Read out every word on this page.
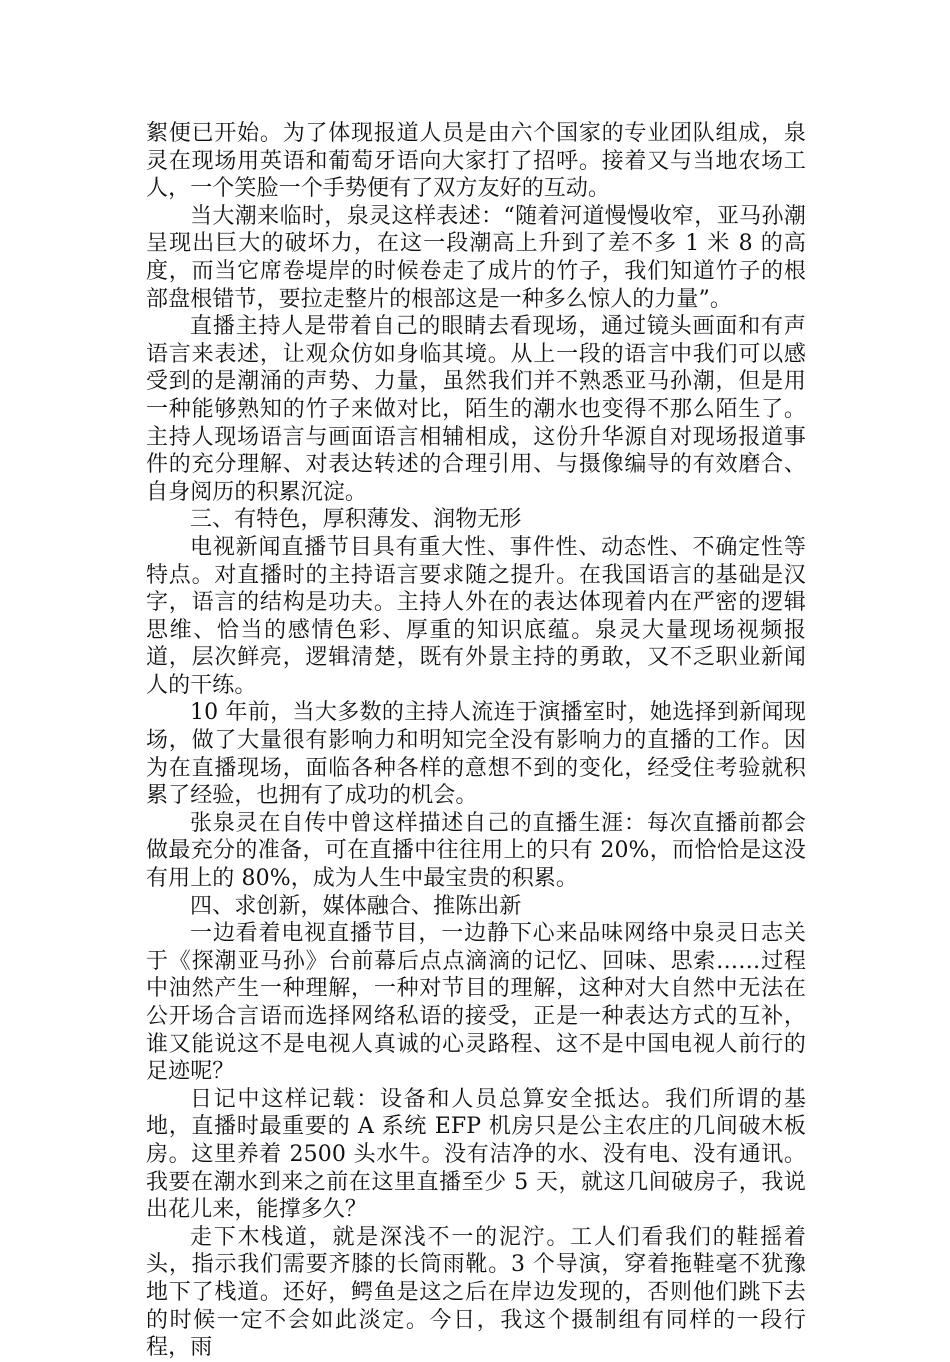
絮便已开始。为了体现报道人员是由六个国家的专业团队组成，泉灵在现场用英语和葡萄牙语向大家打了招呼。接着又与当地农场工人，一个笑脸一个手势便有了双方友好的互动。

当大潮来临时，泉灵这样表述：“随着河道慢慢收窄，亚马孙潮呈现出巨大的破坏力，在这一段潮高上升到了差不多 1 米 8 的高度，而当它席卷堤岸的时候卷走了成片的竹子，我们知道竹子的根部盘根错节，要拉走整片的根部这是一种多么惊人的力量”。

直播主持人是带着自己的眼睛去看现场，通过镜头画面和有声语言来表述，让观众仿如身临其境。从上一段的语言中我们可以感受到的是潮涌的声势、力量，虽然我们并不熟悉亚马孙潮，但是用一种能够熟知的竹子来做对比，陌生的潮水也变得不那么陌生了。主持人现场语言与画面语言相辅相成，这份升华源自对现场报道事件的充分理解、对表达转述的合理引用、与摄像编导的有效磨合、自身阅历的积累沉淀。

三、有特色，厚积薄发、润物无形

电视新闻直播节目具有重大性、事件性、动态性、不确定性等特点。对直播时的主持语言要求随之提升。在我国语言的基础是汉字，语言的结构是功夫。主持人外在的表达体现着内在严密的逻辑思维、恰当的感情色彩、厚重的知识底蕴。泉灵大量现场视频报道，层次鲜亮，逻辑清楚，既有外景主持的勇敢，又不乏职业新闻人的干练。

10 年前，当大多数的主持人流连于演播室时，她选择到新闻现场，做了大量很有影响力和明知完全没有影响力的直播的工作。因为在直播现场，面临各种各样的意想不到的变化，经受住考验就积累了经验，也拥有了成功的机会。

张泉灵在自传中曾这样描述自己的直播生涯：每次直播前都会做最充分的准备，可在直播中往往用上的只有 20%，而恰恰是这没有用上的 80%，成为人生中最宝贵的积累。

四、求创新，媒体融合、推陈出新

一边看着电视直播节目，一边静下心来品味网络中泉灵日志关于《探潮亚马孙》台前幕后点点滴滴的记忆、回味、思索……过程中油然产生一种理解，一种对节目的理解，这种对大自然中无法在公开场合言语而选择网络私语的接受，正是一种表达方式的互补，谁又能说这不是电视人真诚的心灵路程、这不是中国电视人前行的足迹呢？

日记中这样记载：设备和人员总算安全抵达。我们所谓的基地，直播时最重要的 A 系统 EFP 机房只是公主农庄的几间破木板房。这里养着 2500 头水牛。没有洁净的水、没有电、没有通讯。我要在潮水到来之前在这里直播至少 5 天，就这几间破房子，我说出花儿来，能撑多久？

走下木栈道，就是深浅不一的泥泞。工人们看我们的鞋摇着头，指示我们需要齐膝的长筒雨靴。3 个导演，穿着拖鞋毫不犹豫地下了栈道。还好，鳄鱼是这之后在岸边发现的，否则他们跳下去的时候一定不会如此淡定。今日，我这个摄制组有同样的一段行程，雨
